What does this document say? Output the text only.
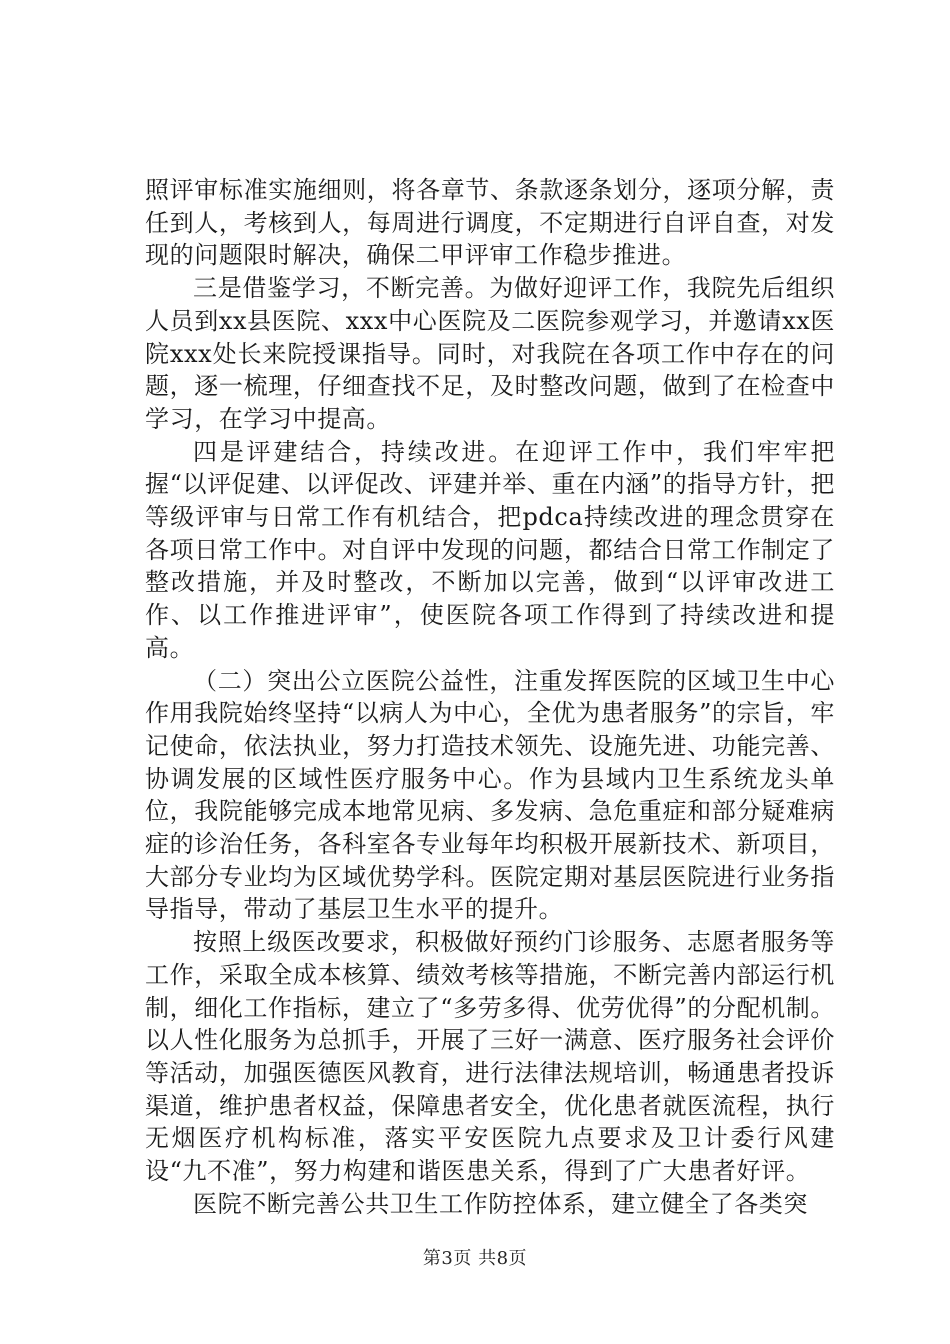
照评审标准实施细则，将各章节、条款逐条划分，逐项分解，责任到人，考核到人，每周进行调度，不定期进行自评自查，对发现的问题限时解决，确保二甲评审工作稳步推进。

三是借鉴学习，不断完善。为做好迎评工作，我院先后组织人员到xx县医院、xxx中心医院及二医院参观学习，并邀请xx医院xxx处长来院授课指导。同时，对我院在各项工作中存在的问题，逐一梳理，仔细查找不足，及时整改问题，做到了在检查中学习，在学习中提高。

四是评建结合，持续改进。在迎评工作中，我们牢牢把握“以评促建、以评促改、评建并举、重在内涵”的指导方针，把等级评审与日常工作有机结合，把pdca持续改进的理念贯穿在各项日常工作中。对自评中发现的问题，都结合日常工作制定了整改措施，并及时整改，不断加以完善，做到“以评审改进工作、以工作推进评审”，使医院各项工作得到了持续改进和提高。

（二）突出公立医院公益性，注重发挥医院的区域卫生中心作用我院始终坚持“以病人为中心，全优为患者服务”的宗旨，牢记使命，依法执业，努力打造技术领先、设施先进、功能完善、协调发展的区域性医疗服务中心。作为县域内卫生系统龙头单位，我院能够完成本地常见病、多发病、急危重症和部分疑难病症的诊治任务，各科室各专业每年均积极开展新技术、新项目，大部分专业均为区域优势学科。医院定期对基层医院进行业务指导指导，带动了基层卫生水平的提升。

按照上级医改要求，积极做好预约门诊服务、志愿者服务等工作，采取全成本核算、绩效考核等措施，不断完善内部运行机制，细化工作指标，建立了“多劳多得、优劳优得”的分配机制。以人性化服务为总抓手，开展了三好一满意、医疗服务社会评价等活动，加强医德医风教育，进行法律法规培训，畅通患者投诉渠道，维护患者权益，保障患者安全，优化患者就医流程，执行无烟医疗机构标准，落实平安医院九点要求及卫计委行风建设“九不准”，努力构建和谐医患关系，得到了广大患者好评。

医院不断完善公共卫生工作防控体系，建立健全了各类突

第3页 共8页
